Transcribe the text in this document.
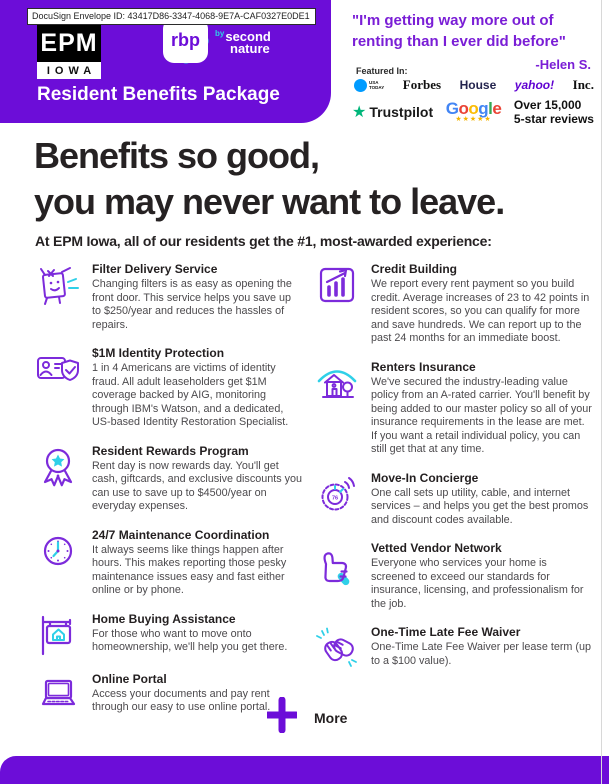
rbp	$^{by}$second
nature
Resident Benefits Package
DocuSign Envelope ID: 43417D86-3347-4068-9E7A-CAF0327E0DE1
EPM
IOWA
"I'm getting way more out of
renting than I ever did before"
-Helen S.
Featured In:
USA
TODAY Forbes House yahoo! Inc.
★ Trustpilot Google
★★★★★
Over 15,000
5-star reviews
Benefits so good,
you may never want to leave.
At EPM Iowa, all of our residents get the #1, most-awarded experience:
Filter Delivery Service
Changing filters is as easy as opening the front door. This service helps you save up to $250/year and reduces the hassles of repairs.
$1M Identity Protection
1 in 4 Americans are victims of identity fraud. All adult leaseholders get $1M coverage backed by AIG, monitoring through IBM's Watson, and a dedicated, US-based Identity Restoration Specialist.
Resident Rewards Program
Rent day is now rewards day. You'll get cash, giftcards, and exclusive discounts you can use to save up to $4500/year on everyday expenses.
24/7 Maintenance Coordination
It always seems like things happen after hours. This makes reporting those pesky maintenance issues easy and fast either online or by phone.
Home Buying Assistance
For those who want to move onto homeownership, we'll help you get there.
Online Portal
Access your documents and pay rent through our easy to use online portal.
Credit Building
We report every rent payment so you build credit. Average increases of 23 to 42 points in resident scores, so you can qualify for more and save hundreds. We can report up to the past 24 months for an immediate boost.
Renters Insurance
We've secured the industry-leading value policy from an A-rated carrier. You'll benefit by being added to our master policy so all of your insurance requirements in the lease are met. If you want a retail individual policy, you can still get that at any time.
76
Move-In Concierge
One call sets up utility, cable, and internet services – and helps you get the best promos and discount codes available.
Vetted Vendor Network
Everyone who services your home is screened to exceed our standards for insurance, licensing, and professionalism for the job.
One-Time Late Fee Waiver
One-Time Late Fee Waiver per lease term (up to a $100 value).
More
